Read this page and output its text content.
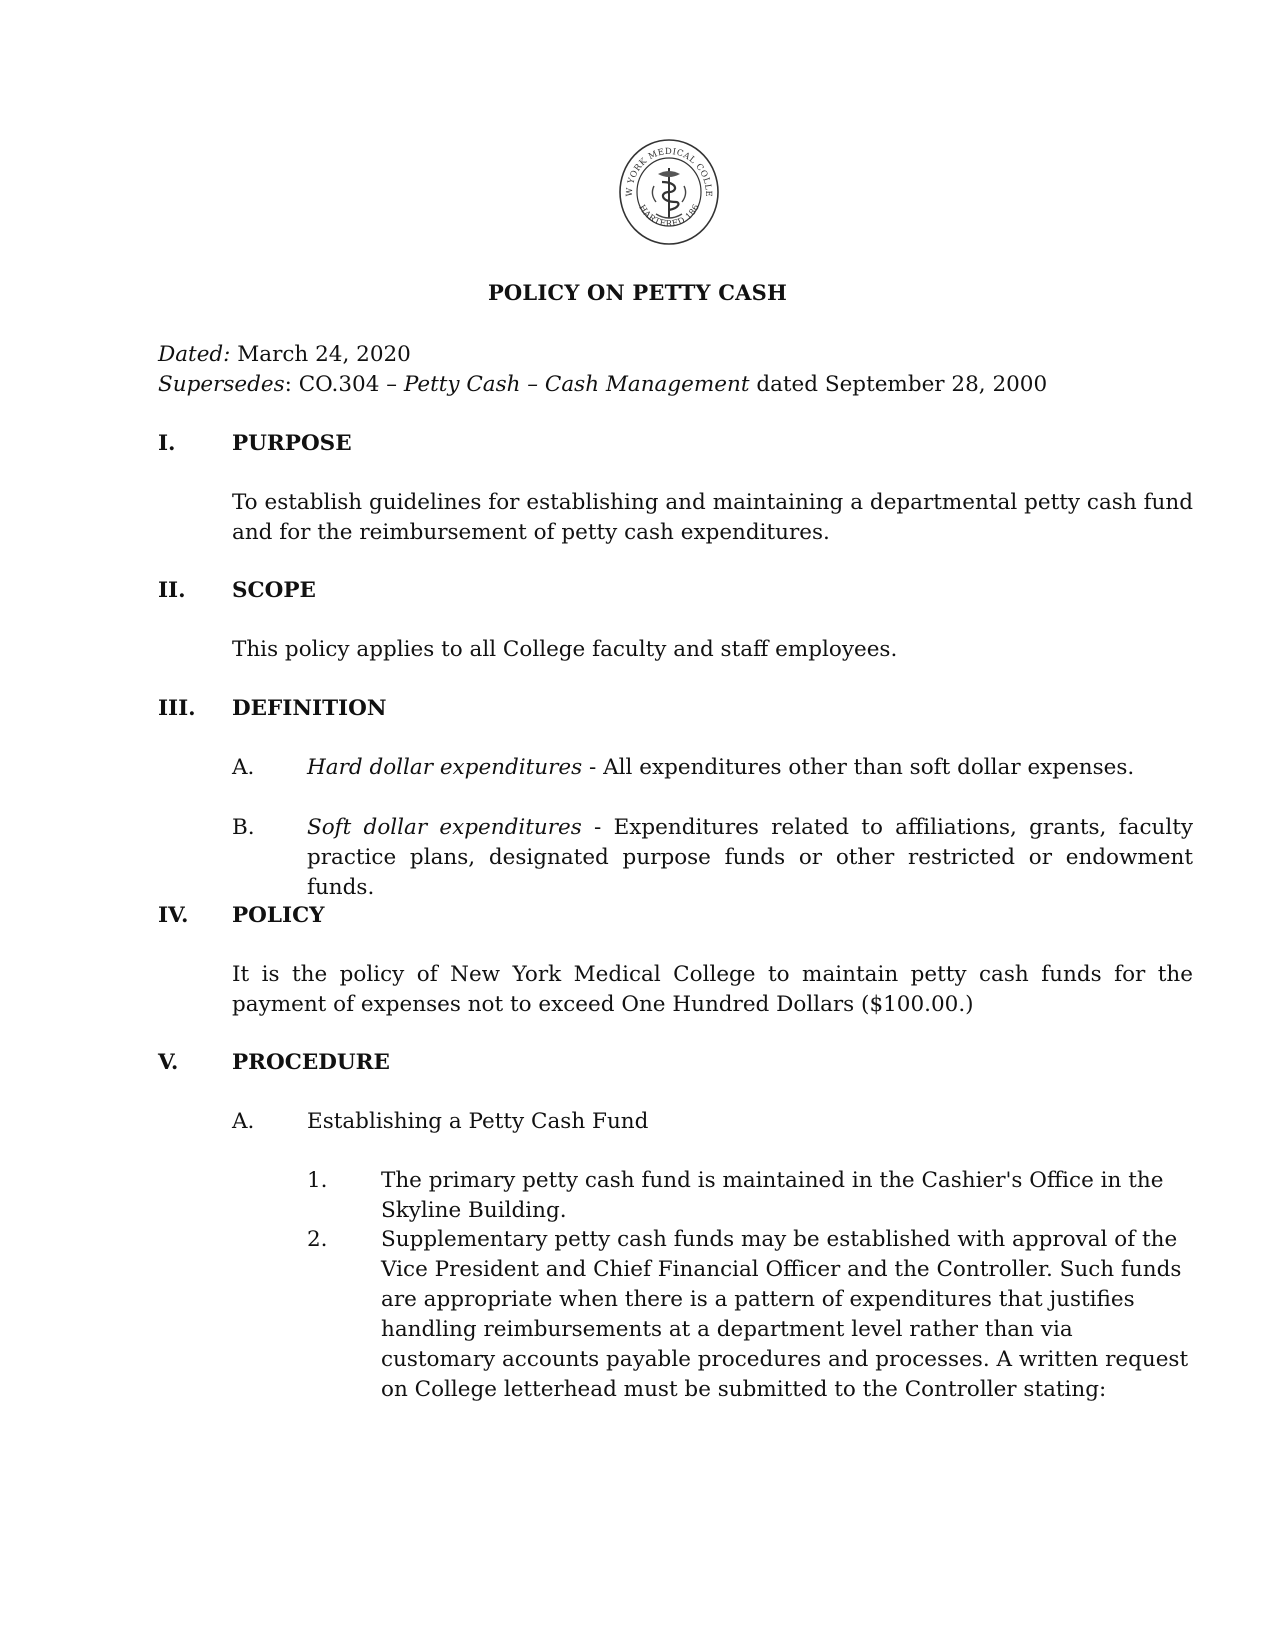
W YORK MEDICAL COLLE
HARTERED 186
POLICY ON PETTY CASH
Dated: March 24, 2020
Supersedes: CO.304 – Petty Cash – Cash Management dated September 28, 2000
I.	PURPOSE
To establish guidelines for establishing and maintaining a departmental petty cash fund and for the reimbursement of petty cash expenditures.
II. SCOPE
This policy applies to all College faculty and staff employees.
III. DEFINITION
A. Hard dollar expenditures - All expenditures other than soft dollar expenses.
B. Soft dollar expenditures - Expenditures related to affiliations, grants, faculty practice plans, designated purpose funds or other restricted or endowment funds.
IV. POLICY
It is the policy of New York Medical College to maintain petty cash funds for the payment of expenses not to exceed One Hundred Dollars ($100.00.)
V. PROCEDURE
A. Establishing a Petty Cash Fund
1. The primary petty cash fund is maintained in the Cashier's Office in the Skyline Building.
2. Supplementary petty cash funds may be established with approval of the Vice President and Chief Financial Officer and the Controller. Such funds are appropriate when there is a pattern of expenditures that justifies handling reimbursements at a department level rather than via customary accounts payable procedures and processes. A written request on College letterhead must be submitted to the Controller stating:
